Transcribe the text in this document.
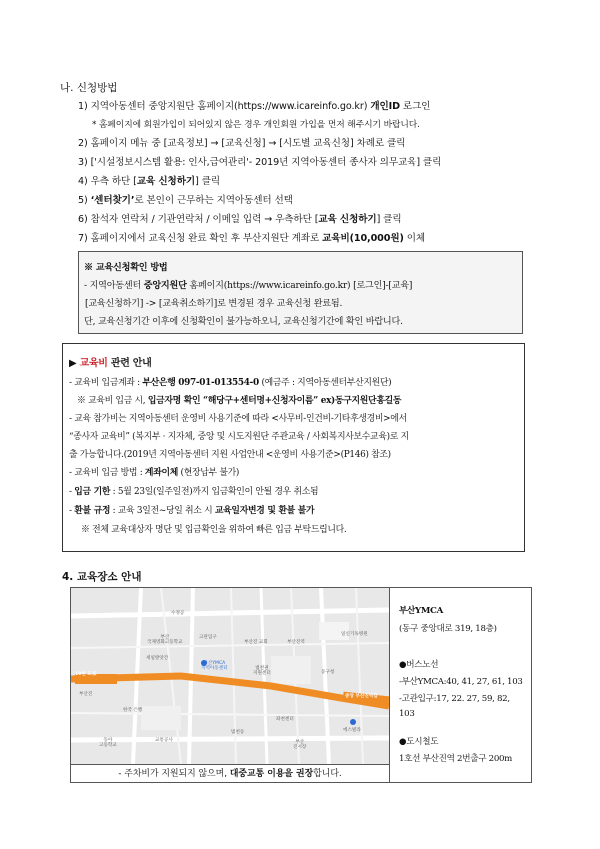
나. 신청방법
1) 지역아동센터 중앙지원단 홈페이지(https://www.icareinfo.go.kr) 개인ID 로그인
* 홈페이지에 회원가입이 되어있지 않은 경우 개인회원 가입을 먼저 해주시기 바랍니다.
2) 홈페이지 메뉴 중 [교육정보] → [교육신청] → [시도별 교육신청] 차례로 클릭
3) ['시설정보시스템 활용: 인사,급여관리'- 2019년 지역아동센터 종사자 의무교육] 클릭
4) 우측 하단 [교육 신청하기] 클릭
5) ‘센터찾기’로 본인이 근무하는 지역아동센터 선택
6) 참석자 연락처 / 기관연락처 / 이메일 입력 → 우측하단 [교육 신청하기] 클릭
7) 홈페이지에서 교육신청 완료 확인 후 부산지원단 계좌로 교육비(10,000원) 이체
※ 교육신청확인 방법
- 지역아동센터 중앙지원단 홈페이지(https://www.icareinfo.go.kr) [로그인]-[교육]
[교육신청하기] -> [교육취소하기]로 변경된 경우 교육신청 완료됨.
단, 교육신청기간 이후에 신청확인이 불가능하오니, 교육신청기간에 확인 바랍니다.
▶ 교육비 관련 안내
- 교육비 입금계좌 : 부산은행 097-01-013554-0 (예금주 : 지역아동센터부산지원단)
※ 교육비 입금 시, 입금자명 확인 “해당구+센터명+신청자이름” ex)동구지원단홍길동
- 교육 참가비는 지역아동센터 운영비 사용기준에 따라 <사무비-인건비-기타후생경비>에서
“종사자 교육비” (복지부 · 지자체, 중앙 및 시도지원단 주관교육 / 사회복지사보수교육)로 지
출 가능합니다.(2019년 지역아동센터 지원 사업안내 <운영비 사용기준>(P146) 참조)
- 교육비 입금 방법 : 계좌이체 (현장납부 불가)
- 입금 기한 : 5월 23일(일주일전)까지 입금확인이 안될 경우 취소됨
- 환불 규정 : 교육 3일전~당일 취소 시 교육일자변경 및 환불 불가
※ 전체 교육대상자 명단 및 입금확인을 위하여 빠른 입금 부탁드립니다.
4. 교육장소 안내
수정공
부산
국제영화고등학교
고관입구
부산진 교회	부산진역
일신기독병원
10번 도로
세일방앗간
부산YMCA
지역아동센터	범천권
지원센터	동구청
부산진
좌천센터
한국 은행
동아
고등학교
교통공사
범천동
부산
진시장
에스빌라
중앙 부산진역길
- 주차비가 지원되지 않으며, 대중교통 이용을 권장합니다.
부산YMCA
(동구 중앙대로 319, 18층)
●버스노선
-부산YMCA:40, 41, 27, 61, 103
-고관입구:17, 22. 27, 59, 82,
103
●도시철도
1호선 부산진역 2번출구 200m
